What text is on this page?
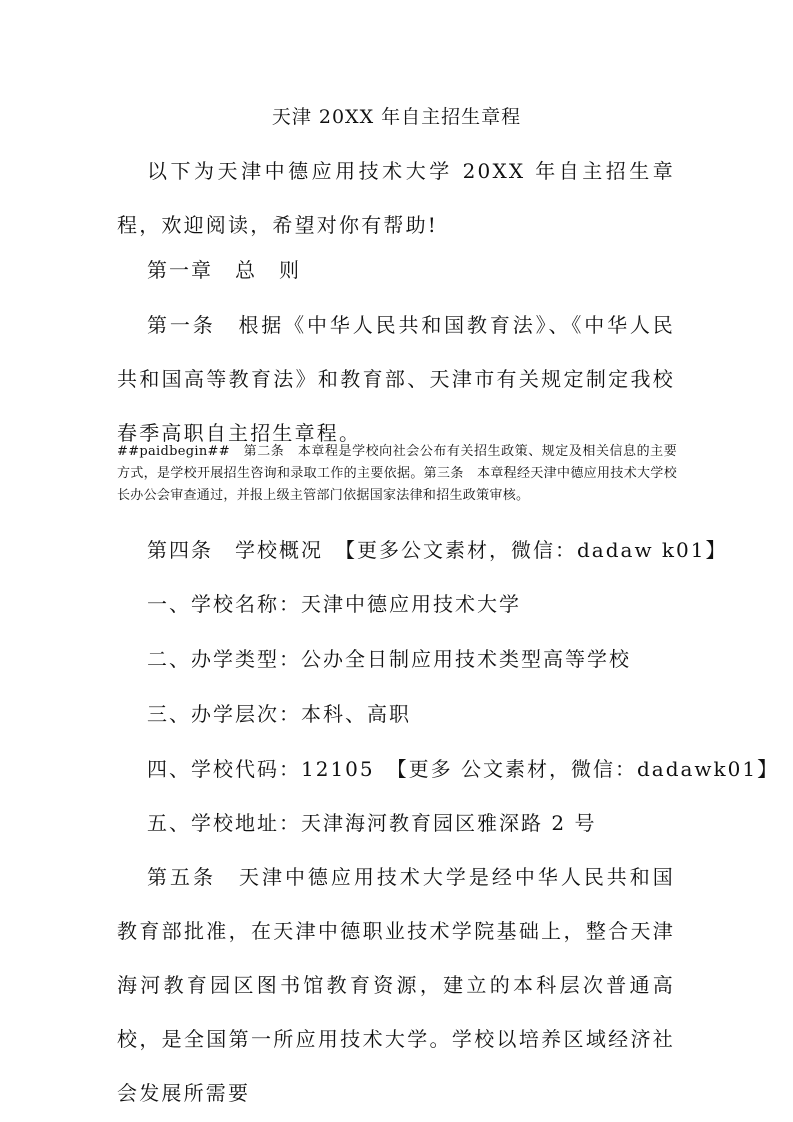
天津 20XX 年自主招生章程

以下为天津中德应用技术大学 20XX 年自主招生章程，欢迎阅读，希望对你有帮助!

第一章　总　则

第一条　根据《中华人民共和国教育法》、《中华人民共和国高等教育法》和教育部、天津市有关规定制定我校春季高职自主招生章程。

##paidbegin##　第二条　本章程是学校向社会公布有关招生政策、规定及相关信息的主要方式，是学校开展招生咨询和录取工作的主要依据。第三条　本章程经天津中德应用技术大学校长办公会审查通过，并报上级主管部门依据国家法律和招生政策审核。

第四条　学校概况　【更多公文素材，微信：dadaw k01】

一、学校名称：天津中德应用技术大学

二、办学类型：公办全日制应用技术类型高等学校

三、办学层次：本科、高职

四、学校代码：12105　【更多 公文素材，微信：dadawk01】

五、学校地址：天津海河教育园区雅深路 2 号

第五条　天津中德应用技术大学是经中华人民共和国教育部批准，在天津中德职业技术学院基础上，整合天津海河教育园区图书馆教育资源，建立的本科层次普通高校，是全国第一所应用技术大学。学校以培养区域经济社会发展所需要
